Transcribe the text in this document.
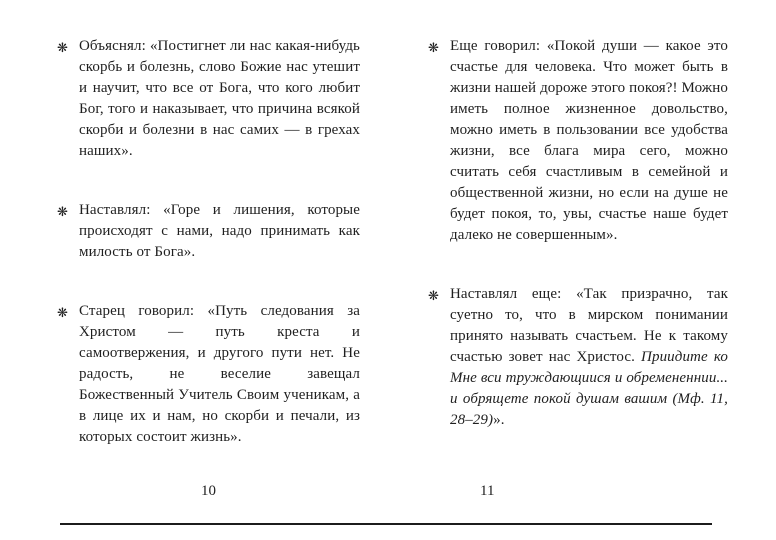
❋ Объяснял: «Постигнет ли нас какая-нибудь скорбь и болезнь, слово Божие нас утешит и научит, что все от Бога, что кого любит Бог, того и наказывает, что причина всякой скорби и болезни в нас самих — в грехах наших».

❋ Наставлял: «Горе и лишения, которые происходят с нами, надо принимать как милость от Бога».

❋ Старец говорил: «Путь следования за Христом — путь креста и самоотвержения, и другого пути нет. Не радость, не веселие завещал Божественный Учитель Своим ученикам, а в лице их и нам, но скорби и печали, из которых состоит жизнь».

10
❋ Еще говорил: «Покой души — какое это счастье для человека. Что может быть в жизни нашей дороже этого покоя?! Можно иметь полное жизненное довольство, можно иметь в пользовании все удобства жизни, все блага мира сего, можно считать себя счастливым в семейной и общественной жизни, но если на душе не будет покоя, то, увы, счастье наше будет далеко не совершенным».

❋ Наставлял еще: «Так призрачно, так суетно то, что в мирском понимании принято называть счастьем. Не к такому счастью зовет нас Христос. Приидите ко Мне вси труждающиися и обремененнии... и обрящете покой душам вашим (Мф. 11, 28–29)».

11
